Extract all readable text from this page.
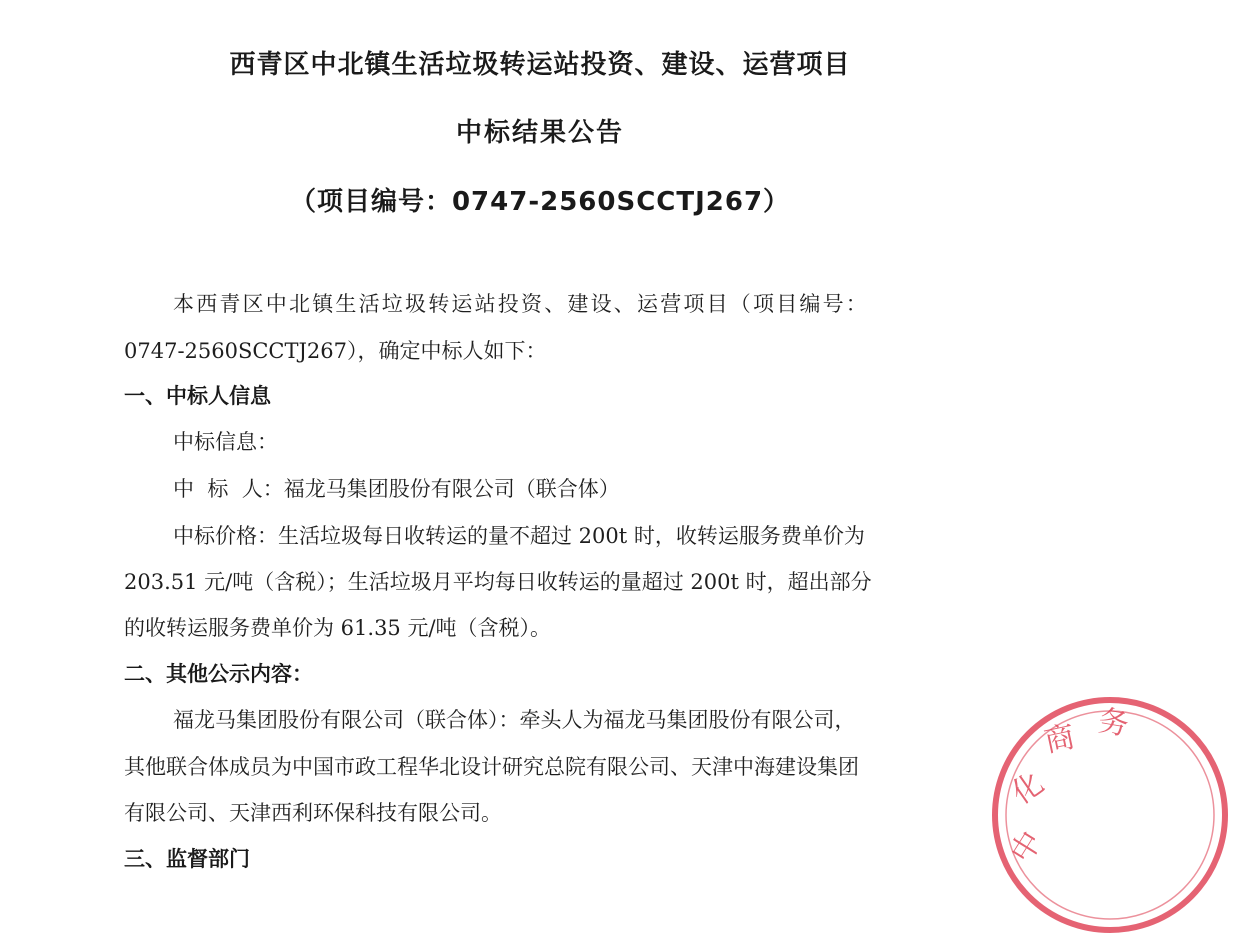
西青区中北镇生活垃圾转运站投资、建设、运营项目
中标结果公告
（项目编号：0747-2560SCCTJ267）
本西青区中北镇生活垃圾转运站投资、建设、运营项目（项目编号：
0747-2560SCCTJ267），确定中标人如下：
一、中标人信息
中标信息：
中  标  人：福龙马集团股份有限公司（联合体）
中标价格：生活垃圾每日收转运的量不超过 200t 时，收转运服务费单价为
203.51 元/吨（含税）；生活垃圾月平均每日收转运的量超过 200t 时，超出部分
的收转运服务费单价为 61.35 元/吨（含税）。
二、其他公示内容：
福龙马集团股份有限公司（联合体）：牵头人为福龙马集团股份有限公司，
其他联合体成员为中国市政工程华北设计研究总院有限公司、天津中海建设集团
有限公司、天津西利环保科技有限公司。
三、监督部门	中
化
商 务
